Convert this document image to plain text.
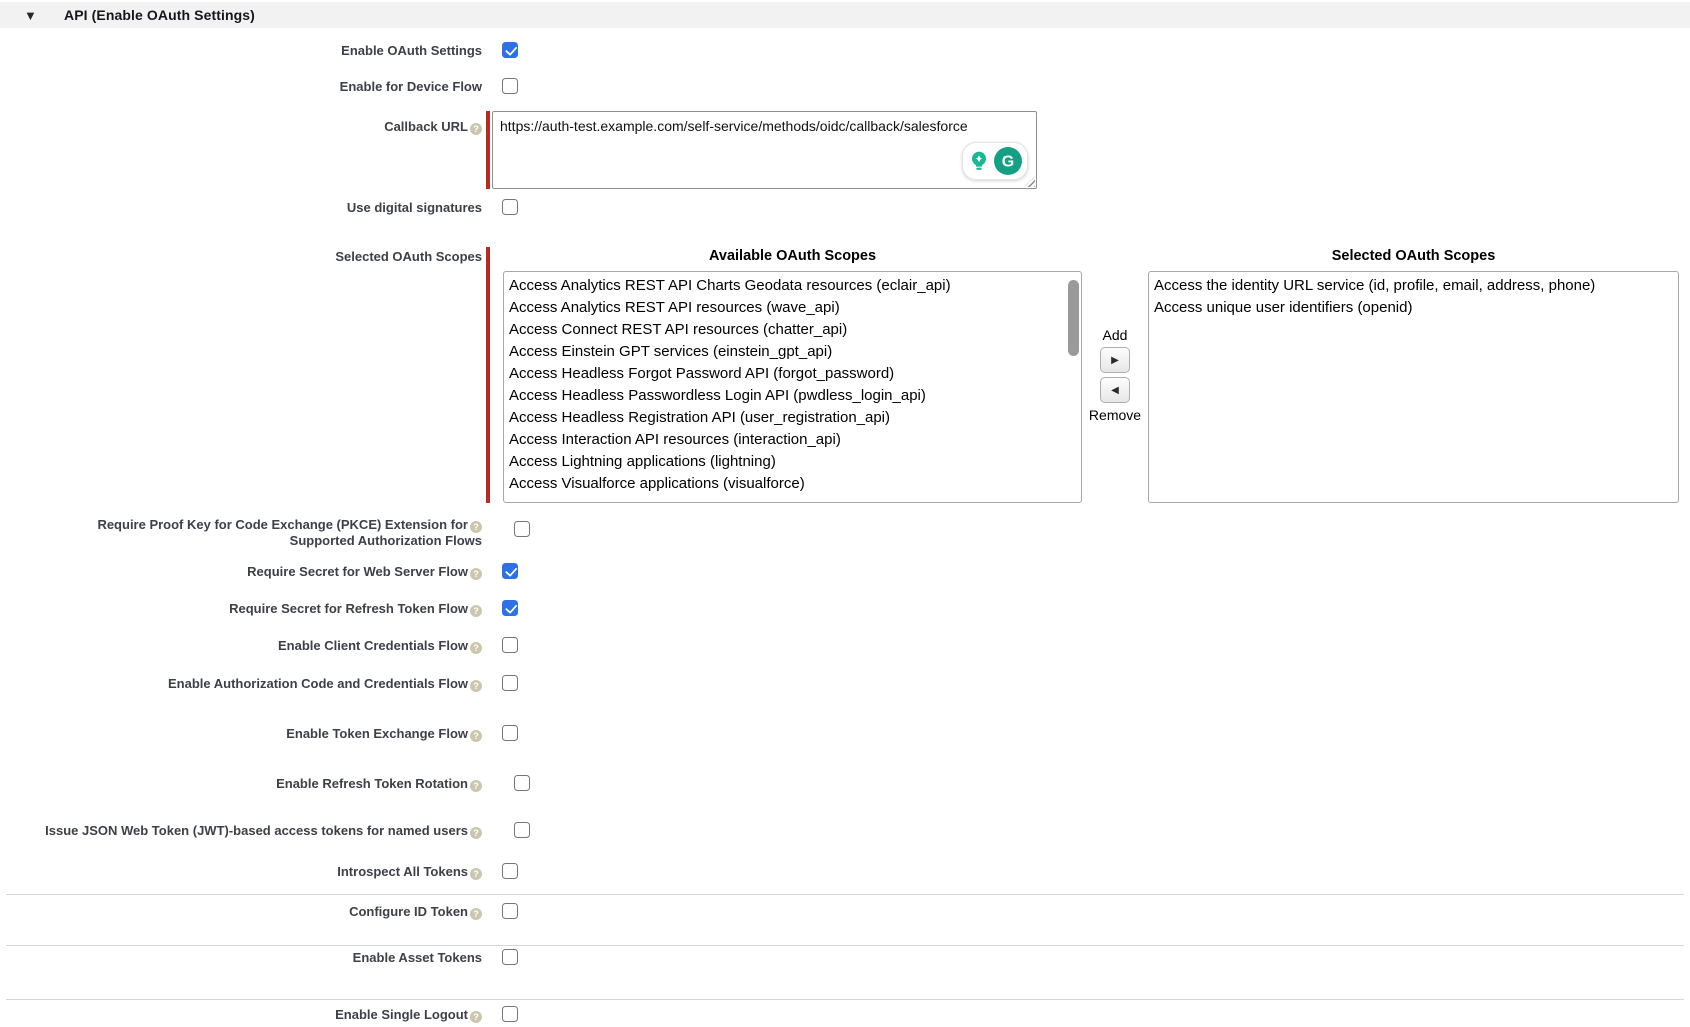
▼	API (Enable OAuth Settings)
Enable OAuth Settings
Enable for Device Flow
Callback URL ?	https://auth-test.example.com/self-service/methods/oidc/callback/salesforce
G
Use digital signatures
Selected OAuth Scopes	Available OAuth Scopes
Access Analytics REST API Charts Geodata resources (eclair_api)
Access Analytics REST API resources (wave_api)
Access Connect REST API resources (chatter_api)
Access Einstein GPT services (einstein_gpt_api)
Access Headless Forgot Password API (forgot_password)
Access Headless Passwordless Login API (pwdless_login_api)
Access Headless Registration API (user_registration_api)
Access Interaction API resources (interaction_api)
Access Lightning applications (lightning)
Access Visualforce applications (visualforce)
Add
▶
◀
Remove
Selected OAuth Scopes
Access the identity URL service (id, profile, email, address, phone)
Access unique user identifiers (openid)
Require Proof Key for Code Exchange (PKCE) Extension for ?
Supported Authorization Flows
Require Secret for Web Server Flow ?
Require Secret for Refresh Token Flow ?
Enable Client Credentials Flow ?
Enable Authorization Code and Credentials Flow ?
Enable Token Exchange Flow ?
Enable Refresh Token Rotation ?
Issue JSON Web Token (JWT)-based access tokens for named users ?
Introspect All Tokens ?
Configure ID Token ?
Enable Asset Tokens
Enable Single Logout ?
